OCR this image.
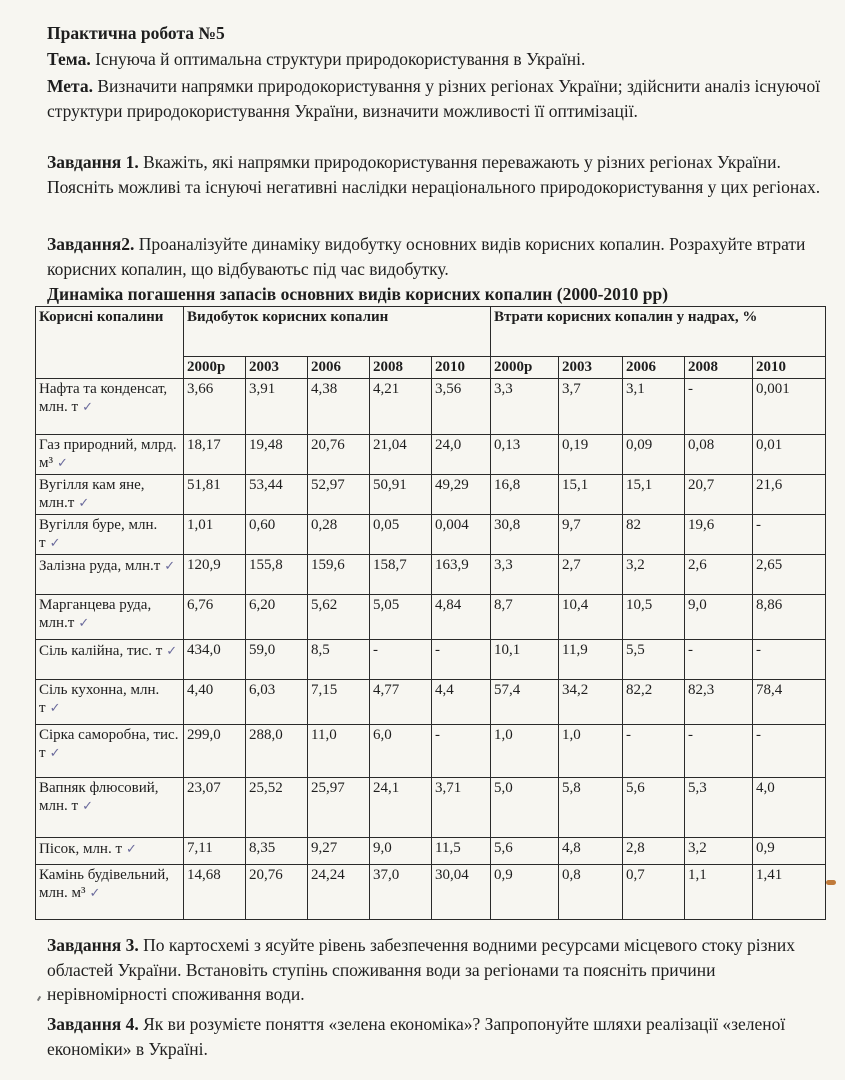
Практична робота №5
Тема. Існуюча й оптимальна структури природокористування в Україні.
Мета. Визначити напрямки природокористування у різних регіонах України; здійснити аналіз існуючої структури природокористування України, визначити можливості її оптимізації.
Завдання 1. Вкажіть, які напрямки природокористування переважають у різних регіонах України. Поясніть можливі та існуючі негативні наслідки нераціонального природокористування у цих регіонах.
Завдання2. Проаналізуйте динаміку видобутку основних видів корисних копалин. Розрахуйте втрати корисних копалин, що відбуваютьс під час видобутку.
Динаміка погашення запасів основних видів корисних копалин (2000-2010 рр)
Корисні копалини	Видобуток корисних копалин					Втрати корисних копалин у надрах, %				
	2000р	2003	2006	2008	2010	2000р	2003	2006	2008	2010
Нафта та конденсат, млн. т ✓	3,66	3,91	4,38	4,21	3,56	3,3	3,7	3,1	-	0,001
Газ природний, млрд. м³ ✓	18,17	19,48	20,76	21,04	24,0	0,13	0,19	0,09	0,08	0,01
Вугілля кам яне, млн.т ✓	51,81	53,44	52,97	50,91	49,29	16,8	15,1	15,1	20,7	21,6
Вугілля буре, млн. т ✓	1,01	0,60	0,28	0,05	0,004	30,8	9,7	82	19,6	-
Залізна руда, млн.т ✓	120,9	155,8	159,6	158,7	163,9	3,3	2,7	3,2	2,6	2,65
Марганцева руда, млн.т ✓	6,76	6,20	5,62	5,05	4,84	8,7	10,4	10,5	9,0	8,86
Сіль калійна, тис. т ✓	434,0	59,0	8,5	-	-	10,1	11,9	5,5	-	-
Сіль кухонна, млн. т ✓	4,40	6,03	7,15	4,77	4,4	57,4	34,2	82,2	82,3	78,4
Сірка саморобна, тис. т ✓	299,0	288,0	11,0	6,0	-	1,0	1,0	-	-	-
Вапняк флюсовий, млн. т ✓	23,07	25,52	25,97	24,1	3,71	5,0	5,8	5,6	5,3	4,0
Пісок, млн. т ✓	7,11	8,35	9,27	9,0	11,5	5,6	4,8	2,8	3,2	0,9
Камінь будівельний, млн. м³ ✓	14,68	20,76	24,24	37,0	30,04	0,9	0,8	0,7	1,1	1,41
Завдання 3. По картосхемі з ясуйте рівень забезпечення водними ресурсами місцевого стоку різних областей України. Встановіть ступінь споживання води за регіонами та поясніть причини нерівномірності споживання води.
Завдання 4. Як ви розумієте поняття «зелена економіка»? Запропонуйте шляхи реалізації «зеленої економіки» в Україні.
